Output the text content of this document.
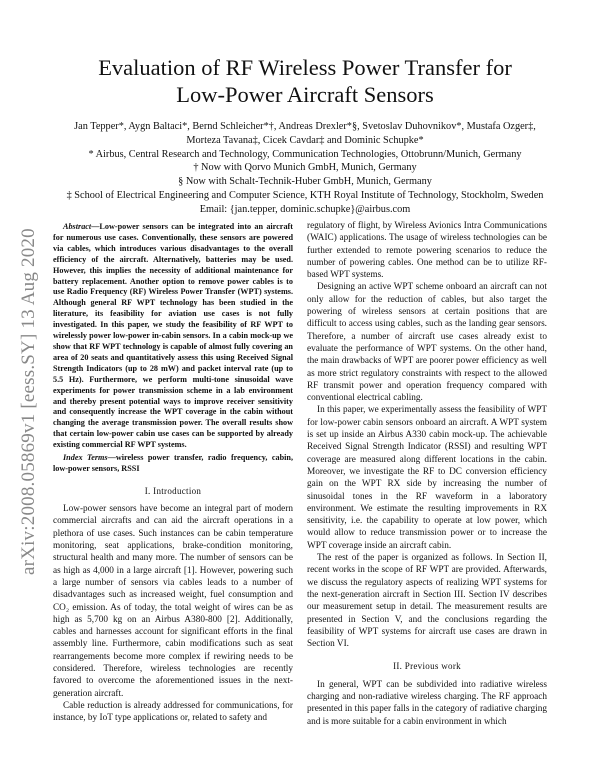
arXiv:2008.05869v1 [eess.SY] 13 Aug 2020
Evaluation of RF Wireless Power Transfer for
Low-Power Aircraft Sensors
Jan Tepper*, Aygn Baltaci*, Bernd Schleicher*†, Andreas Drexler*§, Svetoslav Duhovnikov*, Mustafa Ozger‡,
Morteza Tavana‡, Cicek Cavdar‡ and Dominic Schupke*
* Airbus, Central Research and Technology, Communication Technologies, Ottobrunn/Munich, Germany
† Now with Qorvo Munich GmbH, Munich, Germany
§ Now with Schalt-Technik-Huber GmbH, Munich, Germany
‡ School of Electrical Engineering and Computer Science, KTH Royal Institute of Technology, Stockholm, Sweden
Email: {jan.tepper, dominic.schupke}@airbus.com

Abstract—Low-power sensors can be integrated into an aircraft for numerous use cases. Conventionally, these sensors are powered via cables, which introduces various disadvantages to the overall efficiency of the aircraft. Alternatively, batteries may be used. However, this implies the necessity of additional maintenance for battery replacement. Another option to remove power cables is to use Radio Frequency (RF) Wireless Power Transfer (WPT) systems. Although general RF WPT technology has been studied in the literature, its feasibility for aviation use cases is not fully investigated. In this paper, we study the feasibility of RF WPT to wirelessly power low-power in-cabin sensors. In a cabin mock-up we show that RF WPT technology is capable of almost fully covering an area of 20 seats and quantitatively assess this using Received Signal Strength Indicators (up to 28 mW) and packet interval rate (up to 5.5 Hz). Furthermore, we perform multi-tone sinusoidal wave experiments for power transmission scheme in a lab environment and thereby present potential ways to improve receiver sensitivity and consequently increase the WPT coverage in the cabin without changing the average transmission power. The overall results show that certain low-power cabin use cases can be supported by already existing commercial RF WPT systems.

Index Terms—wireless power transfer, radio frequency, cabin, low-power sensors, RSSI

I. Introduction

Low-power sensors have become an integral part of modern commercial aircrafts and can aid the aircraft operations in a plethora of use cases. Such instances can be cabin temperature monitoring, seat applications, brake-condition monitoring, structural health and many more. The number of sensors can be as high as 4,000 in a large aircraft [1]. However, powering such a large number of sensors via cables leads to a number of disadvantages such as increased weight, fuel consumption and CO₂ emission. As of today, the total weight of wires can be as high as 5,700 kg on an Airbus A380-800 [2]. Additionally, cables and harnesses account for significant efforts in the final assembly line. Furthermore, cabin modifications such as seat rearrangements become more complex if rewiring needs to be considered. Therefore, wireless technologies are recently favored to overcome the aforementioned issues in the next-generation aircraft.

Cable reduction is already addressed for communications, for instance, by IoT type applications or, related to safety and

regulatory of flight, by Wireless Avionics Intra Communications (WAIC) applications. The usage of wireless technologies can be further extended to remote powering scenarios to reduce the number of powering cables. One method can be to utilize RF-based WPT systems.

Designing an active WPT scheme onboard an aircraft can not only allow for the reduction of cables, but also target the powering of wireless sensors at certain positions that are difficult to access using cables, such as the landing gear sensors. Therefore, a number of aircraft use cases already exist to evaluate the performance of WPT systems. On the other hand, the main drawbacks of WPT are poorer power efficiency as well as more strict regulatory constraints with respect to the allowed RF transmit power and operation frequency compared with conventional electrical cabling.

In this paper, we experimentally assess the feasibility of WPT for low-power cabin sensors onboard an aircraft. A WPT system is set up inside an Airbus A330 cabin mock-up. The achievable Received Signal Strength Indicator (RSSI) and resulting WPT coverage are measured along different locations in the cabin. Moreover, we investigate the RF to DC conversion efficiency gain on the WPT RX side by increasing the number of sinusoidal tones in the RF waveform in a laboratory environment. We estimate the resulting improvements in RX sensitivity, i.e. the capability to operate at low power, which would allow to reduce transmission power or to increase the WPT coverage inside an aircraft cabin.

The rest of the paper is organized as follows. In Section II, recent works in the scope of RF WPT are provided. Afterwards, we discuss the regulatory aspects of realizing WPT systems for the next-generation aircraft in Section III. Section IV describes our measurement setup in detail. The measurement results are presented in Section V, and the conclusions regarding the feasibility of WPT systems for aircraft use cases are drawn in Section VI.

II. Previous work

In general, WPT can be subdivided into radiative wireless charging and non-radiative wireless charging. The RF approach presented in this paper falls in the category of radiative charging and is more suitable for a cabin environment in which
